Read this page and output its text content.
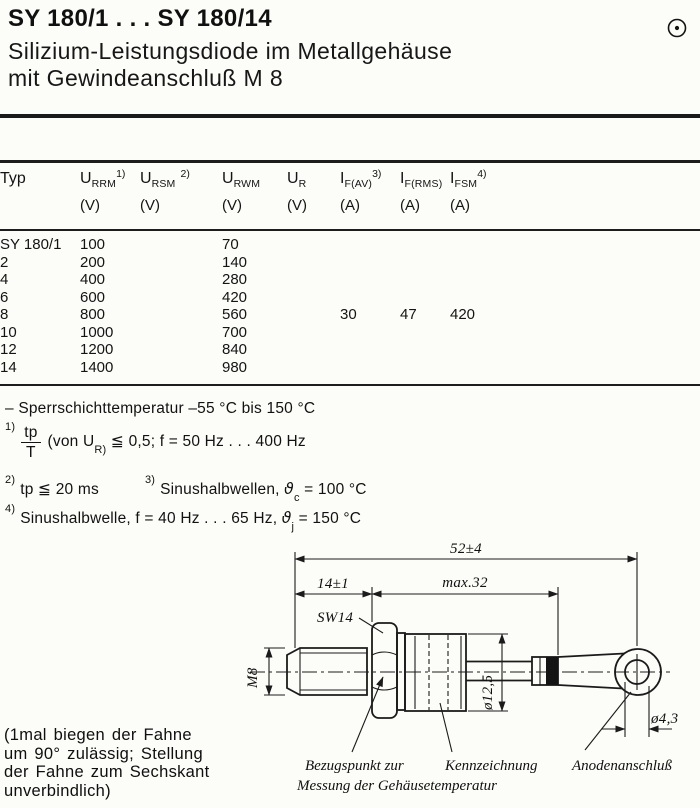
SY 180/1 . . . SY 180/14
Silizium-Leistungsdiode im Metallgehäuse
mit Gewindeanschluß M 8
Typ	$U_{RRM}^{1)}$	$U_{RSM}^{2)}$	$U_{RWM}$	$U_R$	$I_{F(AV)}^{3)}$	$I_{F(RMS)}$	$I_{FSM}^{4)}$	
	(V)	(V)	(V)	(V)	(A)	(A)	(A)	
SY 180/1	100		70					
2	200		140					
4	400		280					
6	600		420					
8	800		560		30	47	420	
10	1000		700					
12	1200		840					
14	1400		980					
– Sperrschichttemperatur –55 °C bis 150 °C
$^{1)} \frac{tp}{T} (von$ $U_{R)}$ ≦ 0,5; f = 50 Hz . . . 400 Hz
$^{2)}$tp ≦ 20 $ms^{3)}Sinushalbwellen$, $ϑ_c = 100$ °C
$^{4)}$Sinushalbwelle, f = 40 Hz . . . 65 Hz, $ϑ_j = 150$ °C
52±4
14±1	max.32
SW14
M8	ø12,5
ø4,3
Bezugspunkt zur
Messung der Gehäusetemperatur
Kennzeichnung Anodenanschluß
(1mal biegen der Fahne
um 90° zulässig; Stellung
der Fahne zum Sechskant
unverbindlich)
